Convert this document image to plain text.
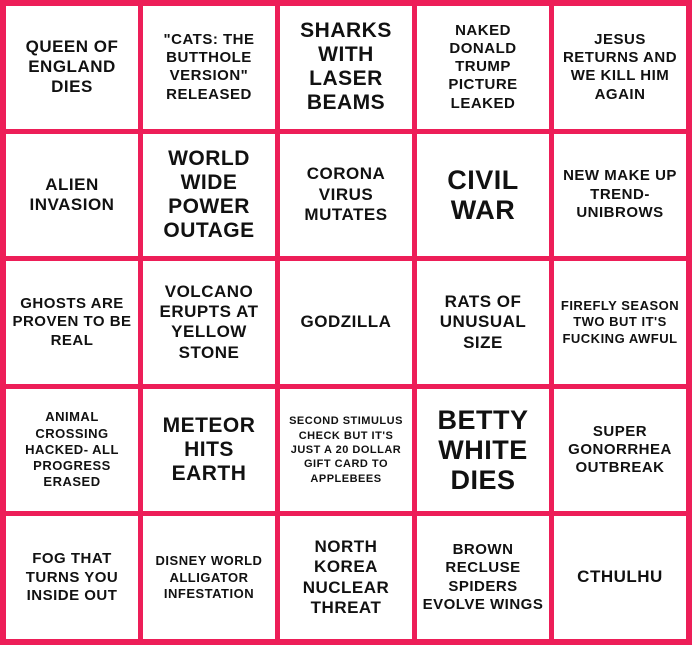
QUEEN OF ENGLAND DIES
"CATS: THE BUTTHOLE VERSION" RELEASED
SHARKS WITH LASER BEAMS
NAKED DONALD TRUMP PICTURE LEAKED
JESUS RETURNS AND WE KILL HIM AGAIN
ALIEN INVASION
WORLD WIDE POWER OUTAGE
CORONA VIRUS MUTATES
CIVIL WAR
NEW MAKE UP TREND- UNIBROWS
GHOSTS ARE PROVEN TO BE REAL
VOLCANO ERUPTS AT YELLOW STONE
GODZILLA
RATS OF UNUSUAL SIZE
FIREFLY SEASON TWO BUT IT'S FUCKING AWFUL
ANIMAL CROSSING HACKED- ALL PROGRESS ERASED
METEOR HITS EARTH
SECOND STIMULUS CHECK BUT IT'S JUST A 20 DOLLAR GIFT CARD TO APPLEBEES
BETTY WHITE DIES
SUPER GONORRHEA OUTBREAK
FOG THAT TURNS YOU INSIDE OUT
DISNEY WORLD ALLIGATOR INFESTATION
NORTH KOREA NUCLEAR THREAT
BROWN RECLUSE SPIDERS EVOLVE WINGS
CTHULHU
